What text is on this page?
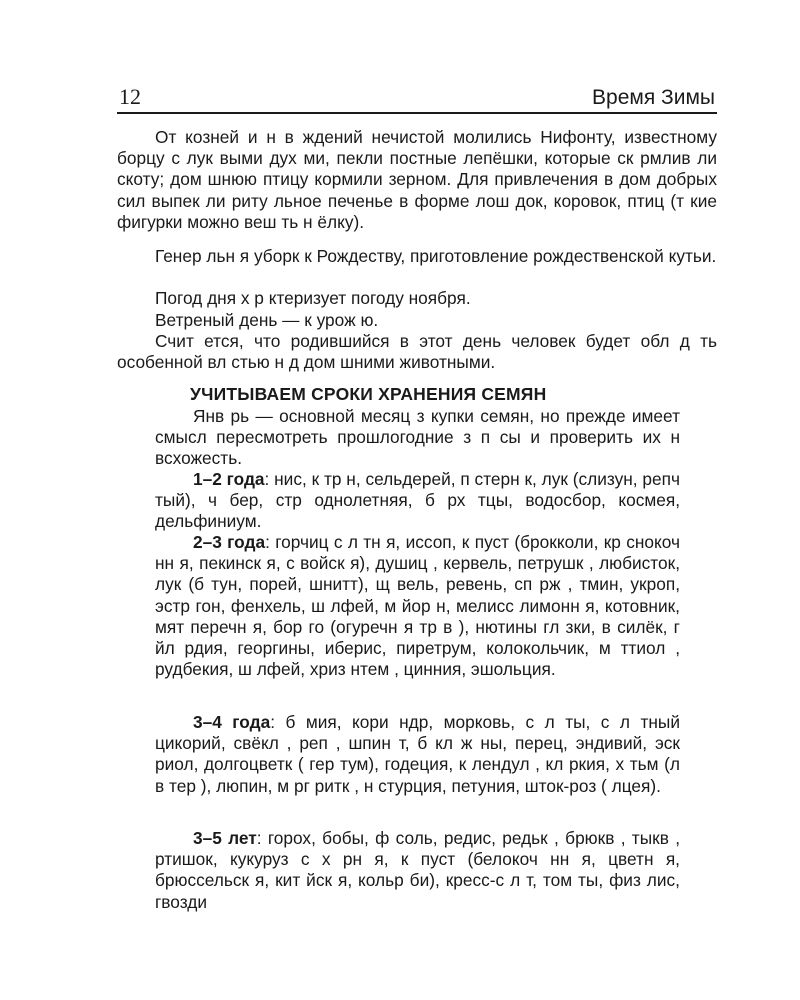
12	Время Зимы

От козней и н в ждений нечистой молились Нифонту, известному борцу с лук выми дух ми, пекли постные лепёшки, которые ск рмлив ли скоту; дом шнюю птицу кормили зерном. Для привлечения в дом добрых сил выпек ли риту льное печенье в форме лош док, коровок, птиц (т кие фигурки можно веш ть н ёлку).

Генер льн я уборк к Рождеству, приготовление рождественской кутьи.

Погод дня х р ктеризует погоду ноября.

Ветреный день — к урож ю.

Счит ется, что родившийся в этот день человек будет обл д ть особенной вл стью н д дом шними животными.

УЧИТЫВАЕМ СРОКИ ХРАНЕНИЯ СЕМЯН

Янв рь — основной месяц з купки семян, но прежде имеет смысл пересмотреть прошлогодние з п сы и проверить их н всхожесть.

1–2 года: нис, к тр н, сельдерей, п стерн к, лук (слизун, репч тый), ч бер, стр однолетняя, б рх тцы, водосбор, космея, дельфиниум.

2–3 года: горчиц с л тн я, иссоп, к пуст (брокколи, кр снокоч нн я, пекинск я, с войск я), душиц , кервель, петрушк , любисток, лук (б тун, порей, шнитт), щ вель, ревень, сп рж , тмин, укроп, эстр гон, фенхель, ш лфей, м йор н, мелисс лимонн я, котовник, мят перечн я, бор го (огуречн я тр в ), нютины гл зки, в силёк, г йл рдия, георгины, иберис, пиретрум, колокольчик, м ттиол , рудбекия, ш лфей, хриз нтем , цинния, эшольция.

3–4 года: б мия, кори ндр, морковь, с л ты, с л тный цикорий, свёкл , реп , шпин т, б кл ж ны, перец, эндивий, эск риол, долгоцветк ( гер тум), годеция, к лендул , кл ркия, х тьм (л в тер ), люпин, м рг ритк , н стурция, петуния, шток-роз ( лцея).

3–5 лет: горох, бобы, ф соль, редис, редьк , брюкв , тыкв , ртишок, кукуруз с х рн я, к пуст (белокоч нн я, цветн я, брюссельск я, кит йск я, кольр би), кресс-с л т, том ты, физ лис, гвозди
